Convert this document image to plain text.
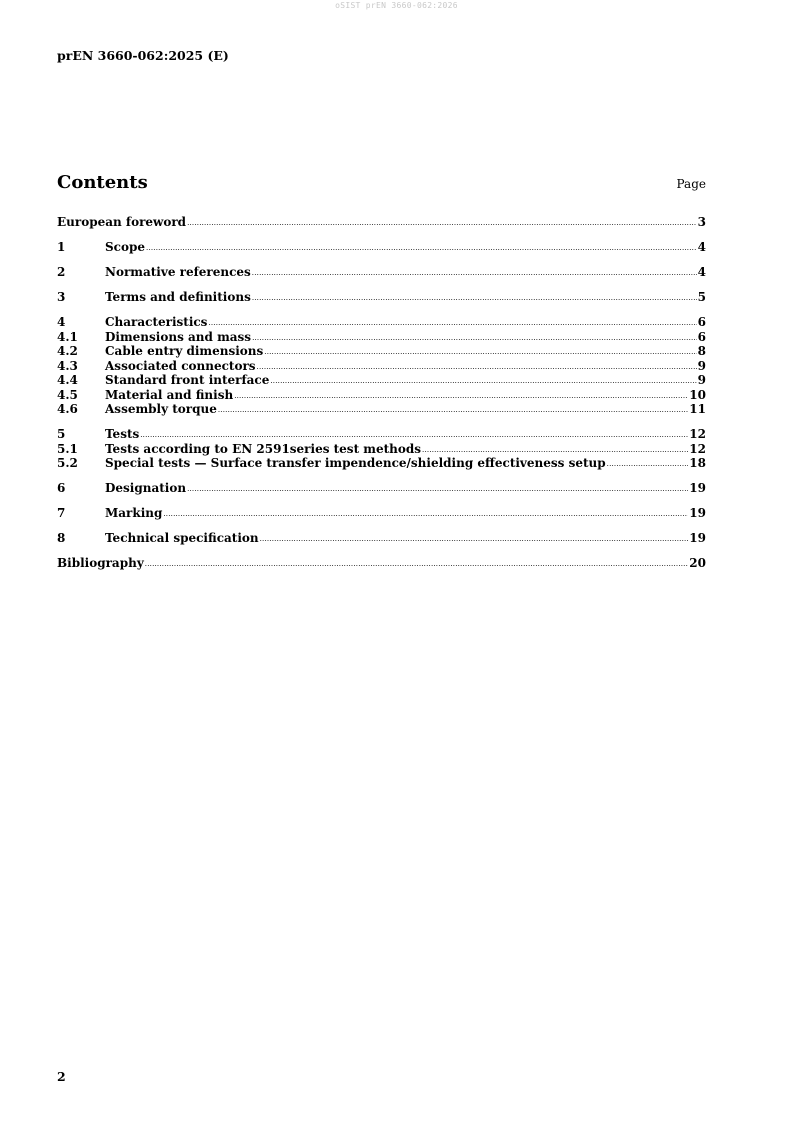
oSIST prEN 3660-062:2026
prEN 3660-062:2025 (E)
Contents	Page
European foreword .....	3
1	Scope .....	4
2	Normative references .....	4
3	Terms and definitions .....	5
4	Characteristics .....	6
4.1	Dimensions and mass .....	6
4.2	Cable entry dimensions .....	8
4.3	Associated connectors .....	9
4.4	Standard front interface .....	9
4.5	Material and finish .....	10
4.6	Assembly torque .....	11
5	Tests .....	12
5.1	Tests according to EN 2591series test methods .....	12
5.2	Special tests — Surface transfer impendence/shielding effectiveness setup .....	18
6	Designation .....	19
7	Marking .....	19
8	Technical specification .....	19
Bibliography .....	20
2
